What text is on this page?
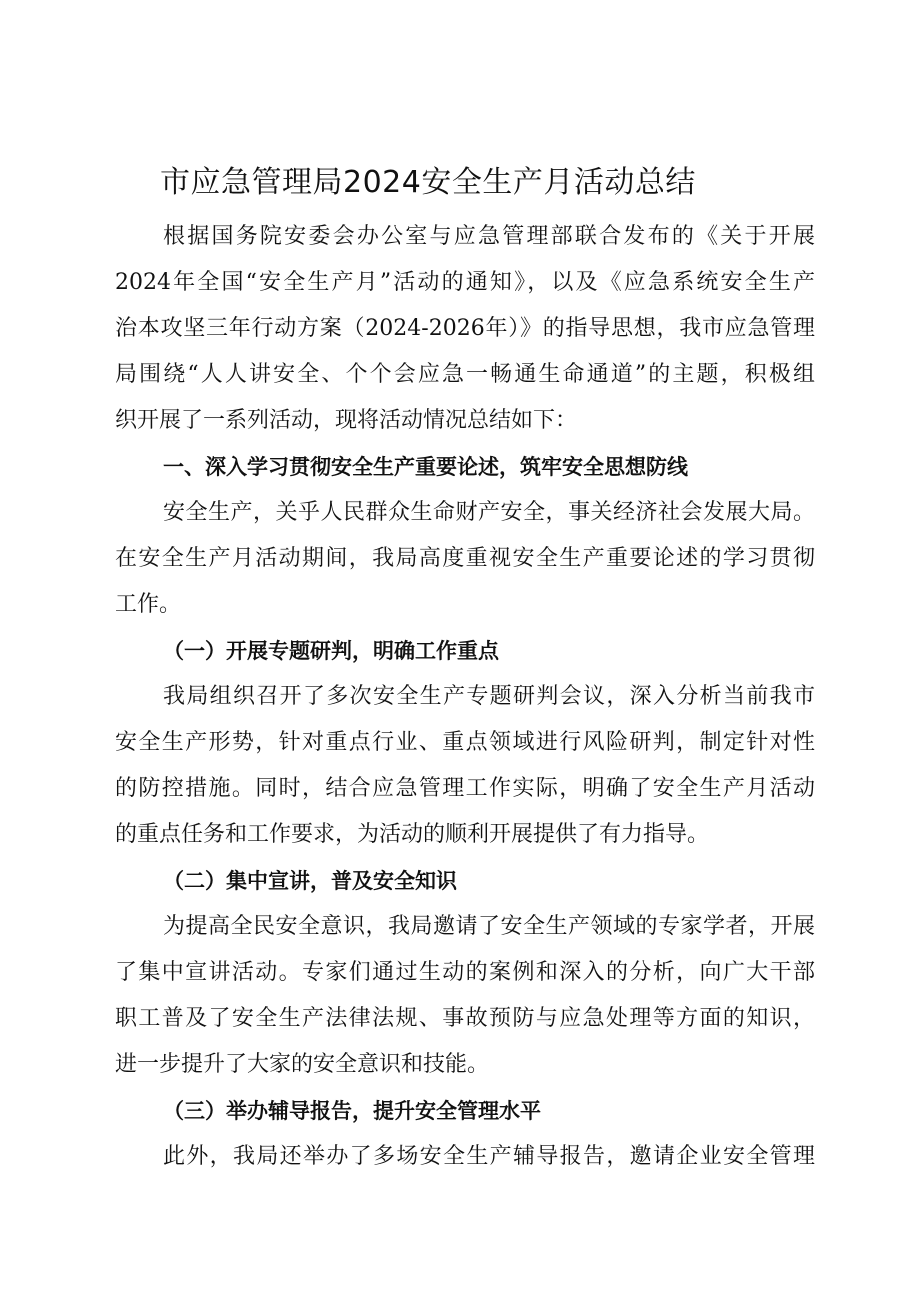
市应急管理局2024安全生产月活动总结
根据国务院安委会办公室与应急管理部联合发布的《关于开展
2024年全国“安全生产月”活动的通知》，以及《应急系统安全生产
治本攻坚三年行动方案（2024-2026年）》的指导思想，我市应急管理
局围绕“人人讲安全、个个会应急一畅通生命通道”的主题，积极组
织开展了一系列活动，现将活动情况总结如下：
一、深入学习贯彻安全生产重要论述，筑牢安全思想防线
安全生产，关乎人民群众生命财产安全，事关经济社会发展大局。
在安全生产月活动期间，我局高度重视安全生产重要论述的学习贯彻
工作。
（一）开展专题研判，明确工作重点
我局组织召开了多次安全生产专题研判会议，深入分析当前我市
安全生产形势，针对重点行业、重点领域进行风险研判，制定针对性
的防控措施。同时，结合应急管理工作实际，明确了安全生产月活动
的重点任务和工作要求，为活动的顺利开展提供了有力指导。
（二）集中宣讲，普及安全知识
为提高全民安全意识，我局邀请了安全生产领域的专家学者，开展
了集中宣讲活动。专家们通过生动的案例和深入的分析，向广大干部
职工普及了安全生产法律法规、事故预防与应急处理等方面的知识，
进一步提升了大家的安全意识和技能。
（三）举办辅导报告，提升安全管理水平
此外，我局还举办了多场安全生产辅导报告，邀请企业安全管理
